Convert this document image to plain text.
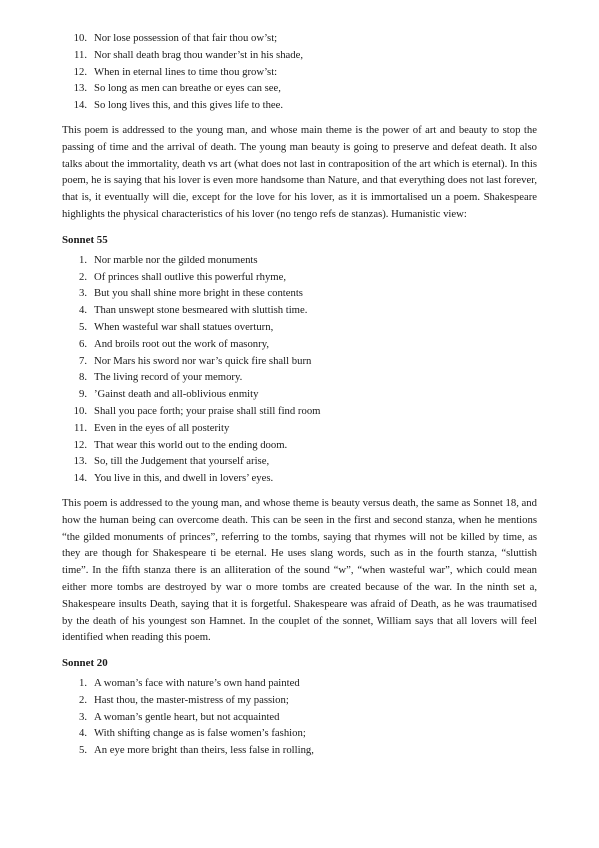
10. Nor lose possession of that fair thou ow’st;
11. Nor shall death brag thou wander’st in his shade,
12. When in eternal lines to time thou grow’st:
13. So long as men can breathe or eyes can see,
14. So long lives this, and this gives life to thee.

This poem is addressed to the young man, and whose main theme is the power of art and beauty to stop the passing of time and the arrival of death. The young man beauty is going to preserve and defeat death. It also talks about the immortality, death vs art (what does not last in contraposition of the art which is eternal). In this poem, he is saying that his lover is even more handsome than Nature, and that everything does not last forever, that is, it eventually will die, except for the love for his lover, as it is immortalised un a poem. Shakespeare highlights the physical characteristics of his lover (no tengo refs de stanzas). Humanistic view:

Sonnet 55
1. Nor marble nor the gilded monuments
2. Of princes shall outlive this powerful rhyme,
3. But you shall shine more bright in these contents
4. Than unswept stone besmeared with sluttish time.
5. When wasteful war shall statues overturn,
6. And broils root out the work of masonry,
7. Nor Mars his sword nor war’s quick fire shall burn
8. The living record of your memory.
9. ’Gainst death and all-oblivious enmity
10. Shall you pace forth; your praise shall still find room
11. Even in the eyes of all posterity
12. That wear this world out to the ending doom.
13. So, till the Judgement that yourself arise,
14. You live in this, and dwell in lovers’ eyes.

This poem is addressed to the young man, and whose theme is beauty versus death, the same as Sonnet 18, and how the human being can overcome death. This can be seen in the first and second stanza, when he mentions “the gilded monuments of princes”, referring to the tombs, saying that rhymes will not be killed by time, as they are though for Shakespeare ti be eternal. He uses slang words, such as in the fourth stanza, “sluttish time”. In the fifth stanza there is an alliteration of the sound “w”, “when wasteful war”, which could mean either more tombs are destroyed by war o more tombs are created because of the war. In the ninth set a, Shakespeare insults Death, saying that it is forgetful. Shakespeare was afraid of Death, as he was traumatised by the death of his youngest son Hamnet. In the couplet of the sonnet, William says that all lovers will feel identified when reading this poem.

Sonnet 20
1. A woman’s face with nature’s own hand painted
2. Hast thou, the master-mistress of my passion;
3. A woman’s gentle heart, but not acquainted
4. With shifting change as is false women’s fashion;
5. An eye more bright than theirs, less false in rolling,
